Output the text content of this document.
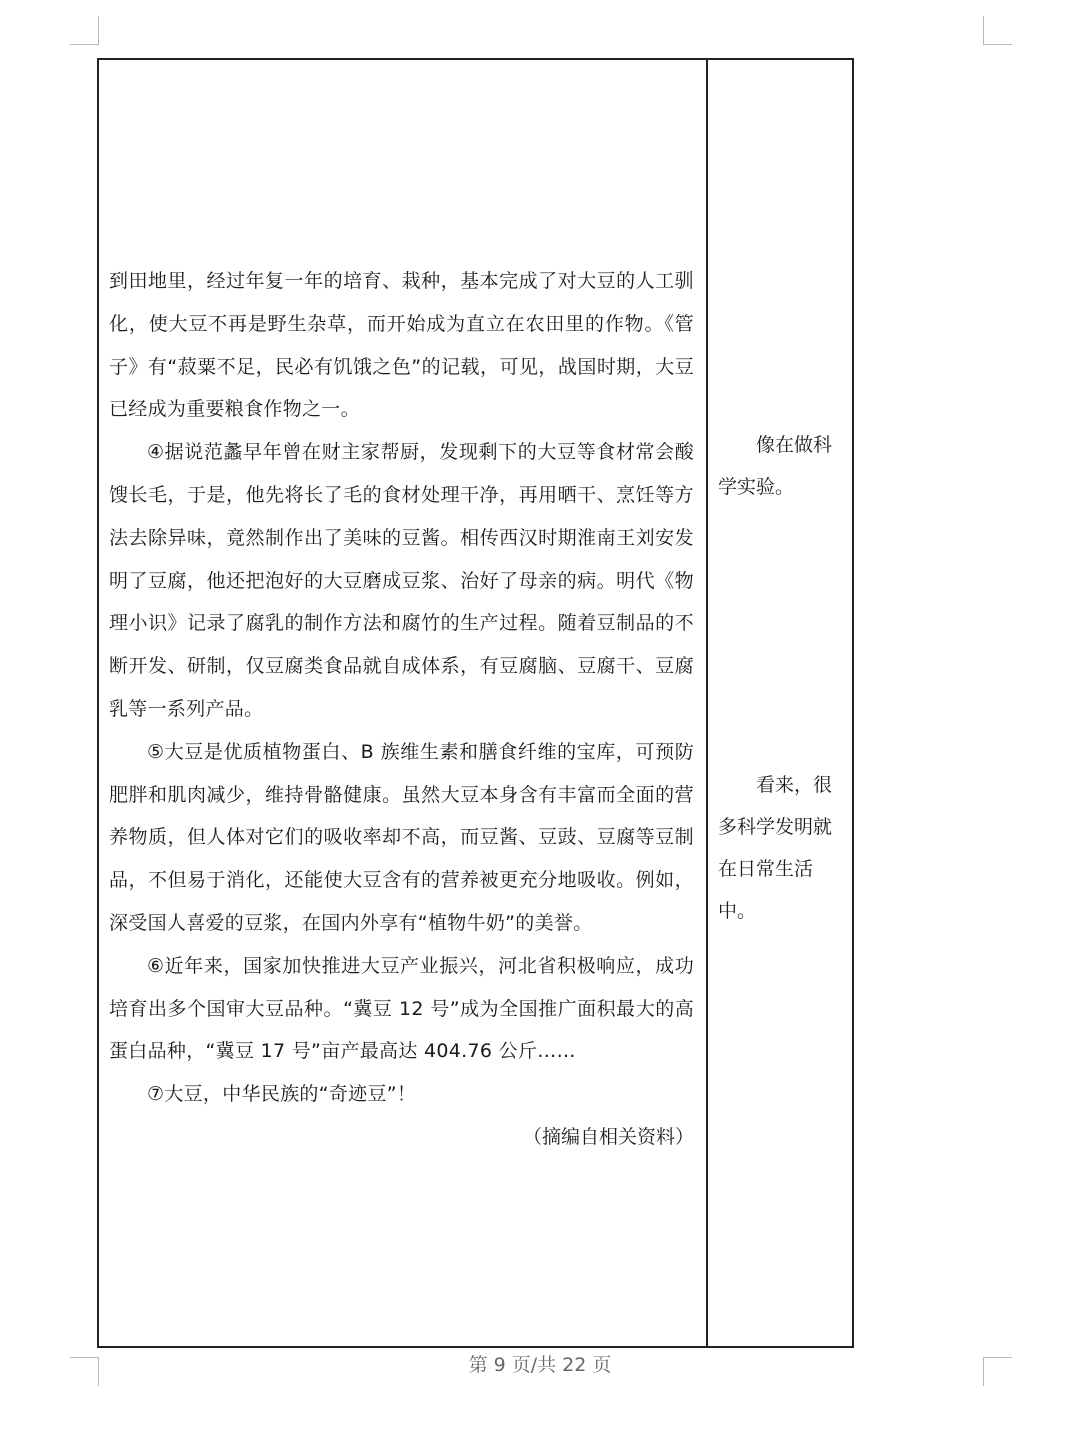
到田地里，经过年复一年的培育、栽种，基本完成了对大豆的人工驯化，使大豆不再是野生杂草，而开始成为直立在农田里的作物。《管子》有“菽粟不足，民必有饥饿之色”的记载，可见，战国时期，大豆已经成为重要粮食作物之一。

④据说范蠡早年曾在财主家帮厨，发现剩下的大豆等食材常会酸馊长毛，于是，他先将长了毛的食材处理干净，再用晒干、烹饪等方法去除异味，竟然制作出了美味的豆酱。相传西汉时期淮南王刘安发明了豆腐，他还把泡好的大豆磨成豆浆、治好了母亲的病。明代《物理小识》记录了腐乳的制作方法和腐竹的生产过程。随着豆制品的不断开发、研制，仅豆腐类食品就自成体系，有豆腐脑、豆腐干、豆腐乳等一系列产品。

⑤大豆是优质植物蛋白、B 族维生素和膳食纤维的宝库，可预防肥胖和肌肉减少，维持骨骼健康。虽然大豆本身含有丰富而全面的营养物质，但人体对它们的吸收率却不高，而豆酱、豆豉、豆腐等豆制品，不但易于消化，还能使大豆含有的营养被更充分地吸收。例如，深受国人喜爱的豆浆，在国内外享有“植物牛奶”的美誉。

⑥近年来，国家加快推进大豆产业振兴，河北省积极响应，成功培育出多个国审大豆品种。“冀豆 12 号”成为全国推广面积最大的高蛋白品种，“冀豆 17 号”亩产最高达 404.76 公斤……

⑦大豆，中华民族的“奇迹豆”！

（摘编自相关资料）

像在做科学实验。

看来，很多科学发明就在日常生活中。

第 9 页/共 22 页
